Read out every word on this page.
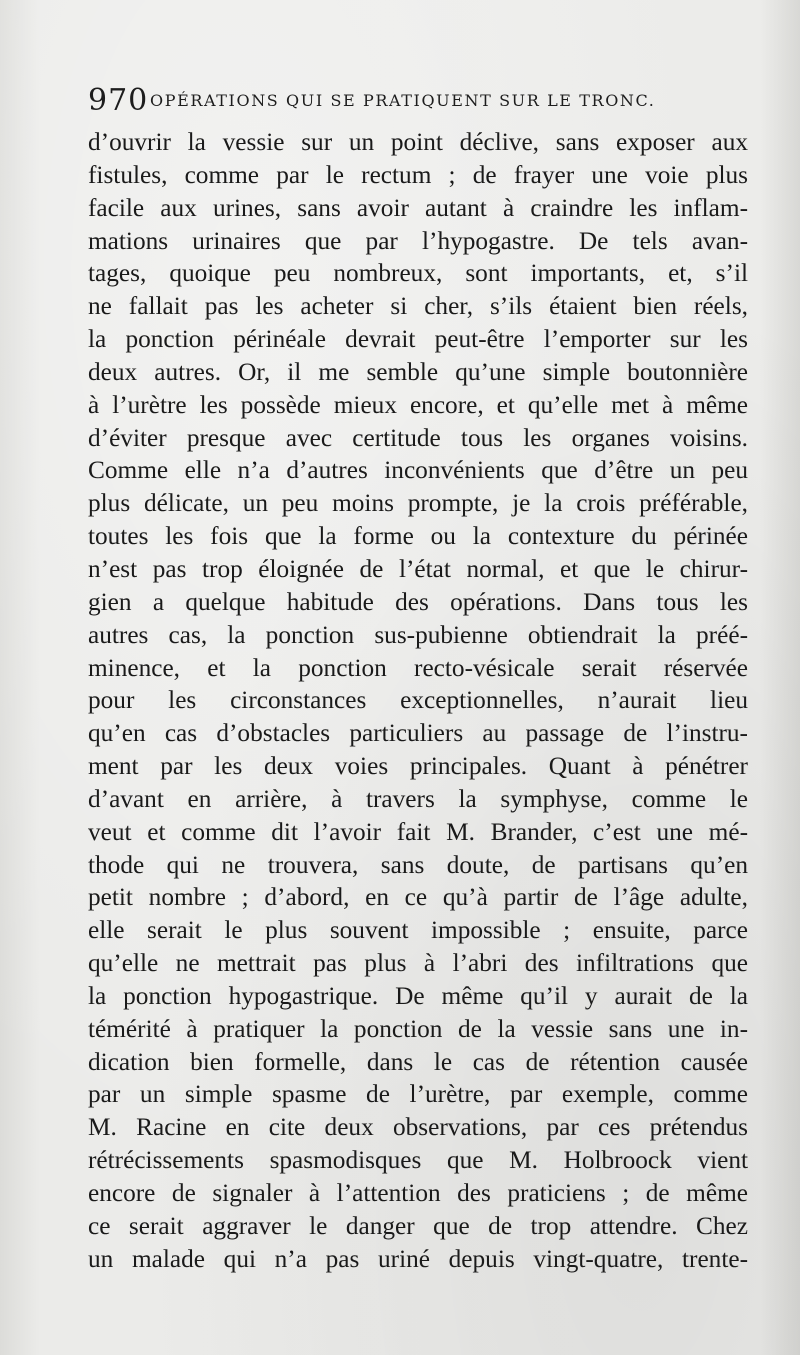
970 OPÉRATIONS QUI SE PRATIQUENT SUR LE TRONC.
d’ouvrir la vessie sur un point déclive, sans exposer aux
fistules, comme par le rectum ; de frayer une voie plus
facile aux urines, sans avoir autant à craindre les inflam-
mations urinaires que par l’hypogastre. De tels avan-
tages, quoique peu nombreux, sont importants, et, s’il
ne fallait pas les acheter si cher, s’ils étaient bien réels,
la ponction périnéale devrait peut-être l’emporter sur les
deux autres. Or, il me semble qu’une simple boutonnière
à l’urètre les possède mieux encore, et qu’elle met à même
d’éviter presque avec certitude tous les organes voisins.
Comme elle n’a d’autres inconvénients que d’être un peu
plus délicate, un peu moins prompte, je la crois préférable,
toutes les fois que la forme ou la contexture du périnée
n’est pas trop éloignée de l’état normal, et que le chirur-
gien a quelque habitude des opérations. Dans tous les
autres cas, la ponction sus-pubienne obtiendrait la préé-
minence, et la ponction recto-vésicale serait réservée
pour les circonstances exceptionnelles, n’aurait lieu
qu’en cas d’obstacles particuliers au passage de l’instru-
ment par les deux voies principales. Quant à pénétrer
d’avant en arrière, à travers la symphyse, comme le
veut et comme dit l’avoir fait M. Brander, c’est une mé-
thode qui ne trouvera, sans doute, de partisans qu’en
petit nombre ; d’abord, en ce qu’à partir de l’âge adulte,
elle serait le plus souvent impossible ; ensuite, parce
qu’elle ne mettrait pas plus à l’abri des infiltrations que
la ponction hypogastrique. De même qu’il y aurait de la
témérité à pratiquer la ponction de la vessie sans une in-
dication bien formelle, dans le cas de rétention causée
par un simple spasme de l’urètre, par exemple, comme
M. Racine en cite deux observations, par ces prétendus
rétrécissements spasmodisques que M. Holbroock vient
encore de signaler à l’attention des praticiens ; de même
ce serait aggraver le danger que de trop attendre. Chez
un malade qui n’a pas uriné depuis vingt-quatre, trente-
